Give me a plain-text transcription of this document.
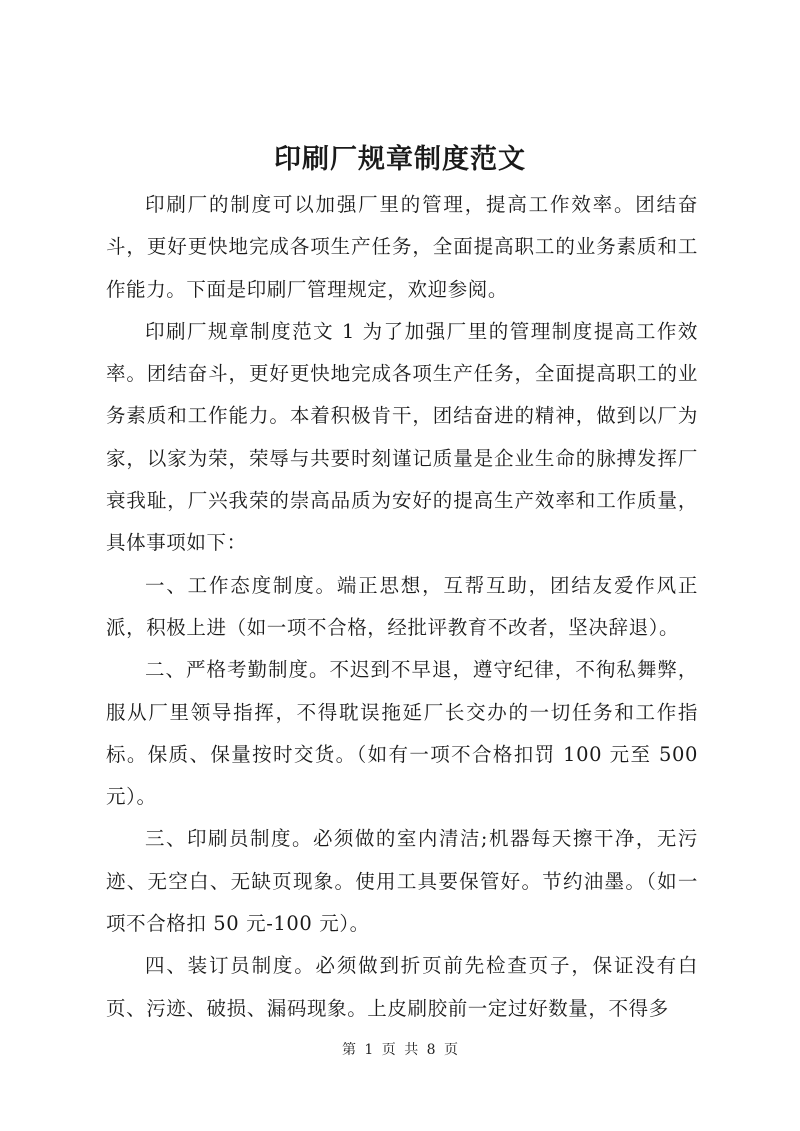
印刷厂规章制度范文

印刷厂的制度可以加强厂里的管理，提高工作效率。团结奋斗，更好更快地完成各项生产任务，全面提高职工的业务素质和工作能力。下面是印刷厂管理规定，欢迎参阅。

印刷厂规章制度范文 1 为了加强厂里的管理制度提高工作效率。团结奋斗，更好更快地完成各项生产任务，全面提高职工的业务素质和工作能力。本着积极肯干，团结奋进的精神，做到以厂为家，以家为荣，荣辱与共要时刻谨记质量是企业生命的脉搏发挥厂衰我耻，厂兴我荣的崇高品质为安好的提高生产效率和工作质量，具体事项如下：

一、工作态度制度。端正思想，互帮互助，团结友爱作风正派，积极上进（如一项不合格，经批评教育不改者，坚决辞退）。

二、严格考勤制度。不迟到不早退，遵守纪律，不徇私舞弊，服从厂里领导指挥，不得耽误拖延厂长交办的一切任务和工作指标。保质、保量按时交货。（如有一项不合格扣罚 100 元至 500 元）。

三、印刷员制度。必须做的室内清洁;机器每天擦干净，无污迹、无空白、无缺页现象。使用工具要保管好。节约油墨。（如一项不合格扣 50 元-100 元）。

四、装订员制度。必须做到折页前先检查页子，保证没有白页、污迹、破损、漏码现象。上皮刷胶前一定过好数量，不得多

第 1 页 共 8 页
